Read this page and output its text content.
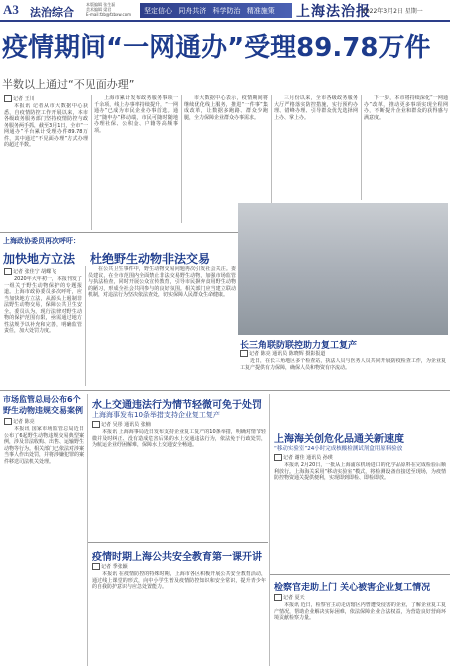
A3 法治综合
本版编辑 张生磊
美术编辑 梁君
E-mail:fzb@fzbxw.com	坚定信心 同舟共济 科学防治 精准施策	上海法治报
2022年3月2日 星期一
疫情期间“一网通办”受理89.78万件
半数以上通过“不见面办理”
记者 王川

本报讯 记者从市大数据中心获悉，自疫情防控工作开展以来，本市各级政务服务部门坚持疫情防控与政务服务两手抓，截至3月1日，全市“一网通办”平台累计受理办件89.78万件，其中通过“不见面办理”方式办理的超过半数。

上海市累计发布政务服务事项一千余项，线上办事率持续提升，“一网通办”已成为市民企业办事首选。通过“随申办”移动端，市民可随时随地办理社保、公积金、户籍等高频事项。

市大数据中心表示，疫情期间将继续优化线上服务，推进“一件事”集成改革，让数据多跑路、群众少跑腿，全力保障企业群众办事需求。

三月份以来，全市各级政务服务大厅严格落实防控措施，实行预约办理、错峰办理、引导群众优先选择网上办、掌上办。

下一步，本市将持续深化“一网通办”改革，推动更多事项实现全程网办，不断提升企业和群众的获得感与满意度。

上海政协委员再次呼吁：
加快地方立法 杜绝野生动物非法交易
记者 张佳宁 胡蝶飞

2020年大年初一，本报刊发了一组关于野生动物保护的专题报道。上海市政协委员多次呼吁，应当加快地方立法，从源头上遏制非法野生动物交易，保障公共卫生安全。委员认为，现行法律对野生动物的保护范围有限，亟需通过地方性法规予以补充和完善，明确监管责任，加大处罚力度。

在公共卫生事件中，野生动物交易问题再次引发社会关注。委员建议，在全市范围内全面禁止非法交易野生动物，加强市场监管与执法检查，同时开展公众宣传教育，引导市民摒弃食用野生动物的陋习，形成全社会共同参与的良好氛围。相关部门应当建立联动机制，对违法行为坚决依法查处，切实保障人民群众生命健康。

长三角联防联控助力复工复产
记者 陈亮 通讯员 陈晓辉 摄影报道

近日，在长三角地区多个检查站，执法人员与医务人员共同开展防疫检查工作，为企业复工复产提供有力保障，确保人员和物资有序流动。

市场监管总局公布6个
野生动物违规交易案例
记者 陈亮

本报讯 国家市场监管总局近日公布了6起野生动物违规交易典型案例，涉及非法收购、出售、运输野生动物等行为。相关部门已依法对涉案当事人作出处罚，并将涉嫌犯罪的案件移送司法机关处理。

水上交通违法行为情节轻微可免于处罚
上海海事发布10条举措支持企业复工复产
记者 吴彤 通讯员 张楠

本报讯 上海海事局近日发布支持企业复工复产的10条举措，明确对情节轻微并及时纠正、没有造成危害后果的水上交通违法行为，依法免于行政处罚，为航运企业纾困解难，保障水上交通安全畅通。	上海海关创危化品通关新速度
“移动实验室”24小时完成核酸检测试剂盒用原料验放
记者 谢佳 通讯员 孙瑛

本报讯 2月20日，一批从上海浦东机场进口的化学品原料在完成检验后顺利放行。上海海关采用“移动实验室”模式，将检测设备直接送至现场，为疫情防控物资通关提供便利，实现即到即检、即检即放。

疫情时期上海公共安全教育第一课开讲
记者 季张颖

本报讯 在疫情防控的特殊时期，上海市各区积极开展公共安全教育活动，通过线上课堂的形式，向中小学生普及疫情防控知识和安全常识，提升青少年的自我防护意识与应急处置能力。	检察官走助上门 关心被害企业复工情况
记者 夏天

本报讯 近日，检察官主动走访辖区内曾遭受侵害的企业，了解企业复工复产情况，帮助企业解决实际困难，依法保障企业合法权益，为营造良好营商环境贡献检察力量。
